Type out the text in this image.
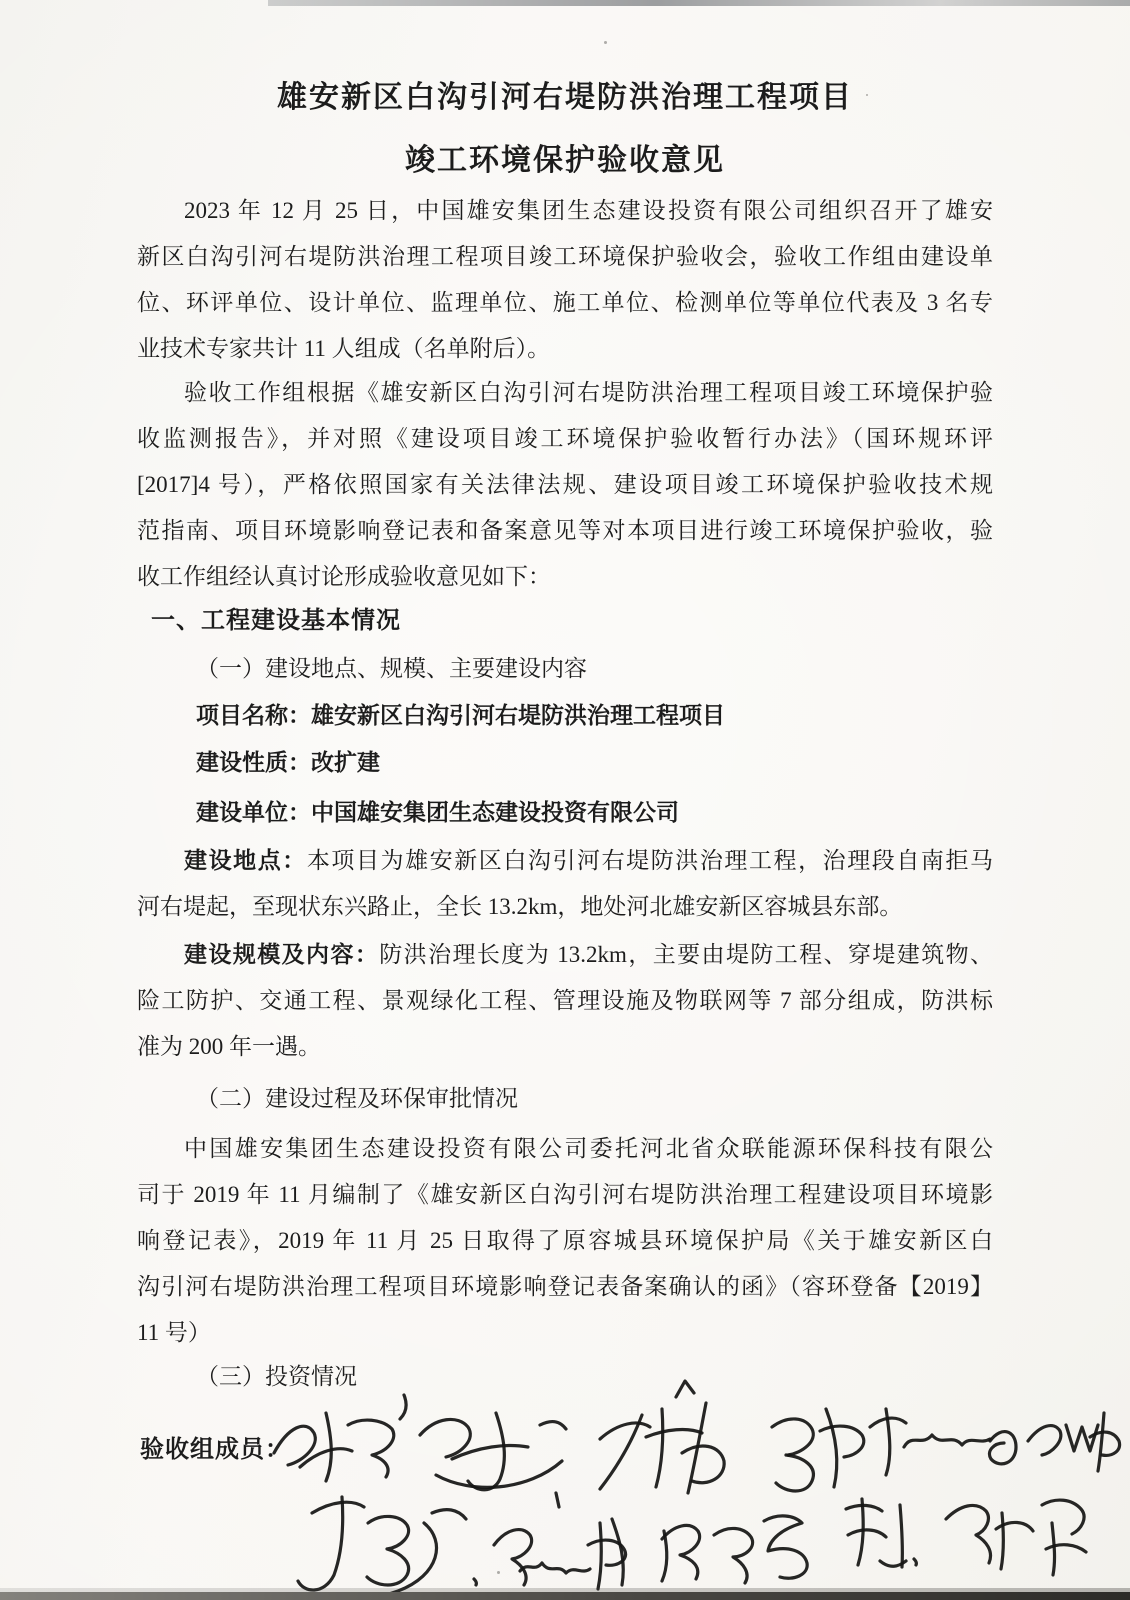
雄安新区白沟引河右堤防洪治理工程项目
竣工环境保护验收意见
2023 年 12 月 25 日，中国雄安集团生态建设投资有限公司组织召开了雄安
新区白沟引河右堤防洪治理工程项目竣工环境保护验收会，验收工作组由建设单
位、环评单位、设计单位、监理单位、施工单位、检测单位等单位代表及 3 名专
业技术专家共计 11 人组成（名单附后）。
验收工作组根据《雄安新区白沟引河右堤防洪治理工程项目竣工环境保护验
收监测报告》，并对照《建设项目竣工环境保护验收暂行办法》（国环规环评
[2017]4 号），严格依照国家有关法律法规、建设项目竣工环境保护验收技术规
范指南、项目环境影响登记表和备案意见等对本项目进行竣工环境保护验收，验
收工作组经认真讨论形成验收意见如下：
一、工程建设基本情况
（一）建设地点、规模、主要建设内容
项目名称：雄安新区白沟引河右堤防洪治理工程项目
建设性质：改扩建
建设单位：中国雄安集团生态建设投资有限公司
建设地点：本项目为雄安新区白沟引河右堤防洪治理工程，治理段自南拒马
河右堤起，至现状东兴路止，全长 13.2km，地处河北雄安新区容城县东部。
建设规模及内容：防洪治理长度为 13.2km，主要由堤防工程、穿堤建筑物、
险工防护、交通工程、景观绿化工程、管理设施及物联网等 7 部分组成，防洪标
准为 200 年一遇。
（二）建设过程及环保审批情况
中国雄安集团生态建设投资有限公司委托河北省众联能源环保科技有限公
司于 2019 年 11 月编制了《雄安新区白沟引河右堤防洪治理工程建设项目环境影
响登记表》，2019 年 11 月 25 日取得了原容城县环境保护局《关于雄安新区白
沟引河右堤防洪治理工程项目环境影响登记表备案确认的函》（容环登备【2019】
11 号）
（三）投资情况
验收组成员：
